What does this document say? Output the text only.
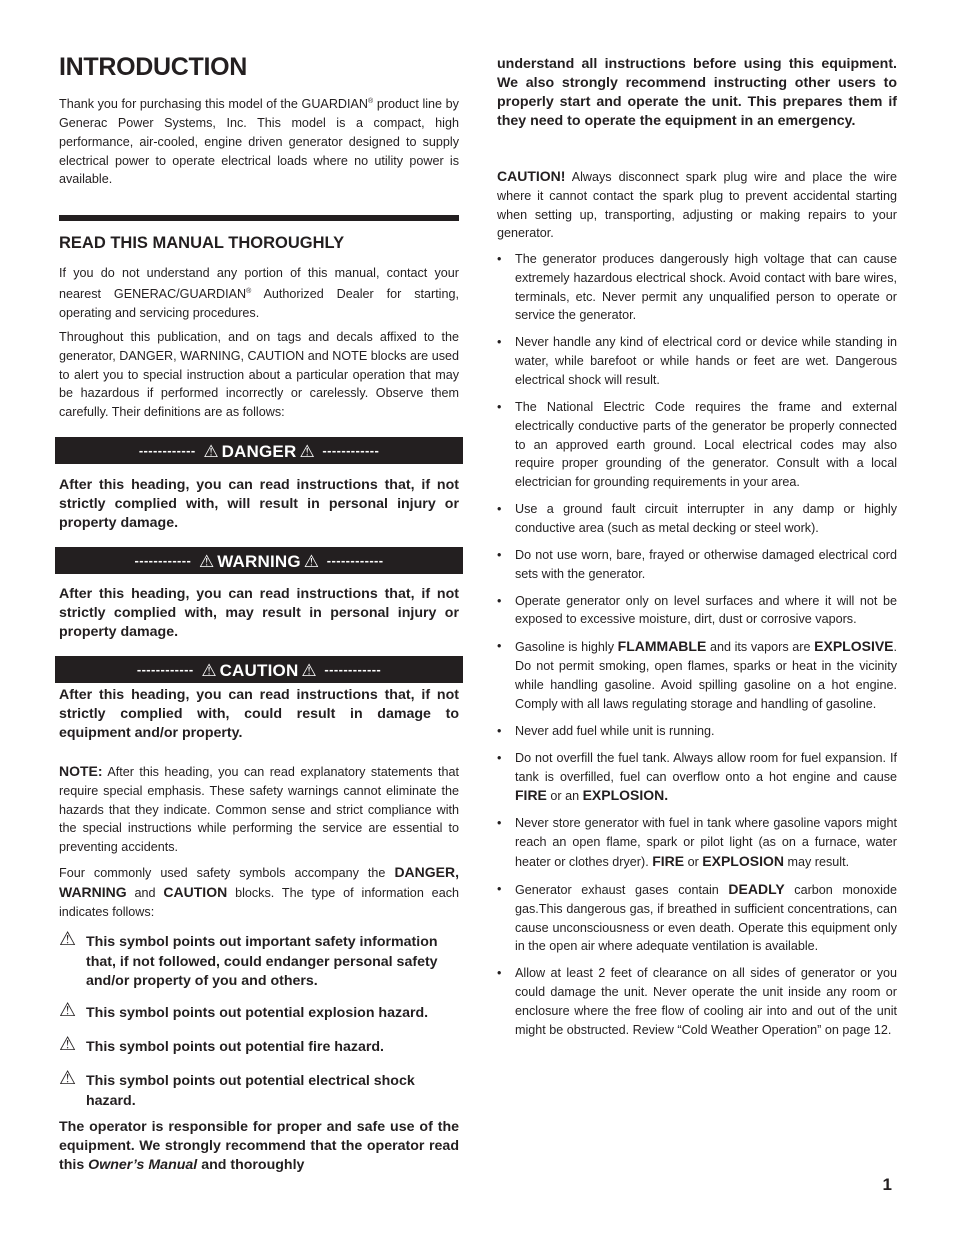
INTRODUCTION

Thank you for purchasing this model of the GUARDIAN® product line by Generac Power Systems, Inc. This model is a compact, high performance, air-cooled, engine driven generator designed to supply electrical power to operate electrical loads where no utility power is available.

READ THIS MANUAL THOROUGHLY

If you do not understand any portion of this manual, contact your nearest GENERAC/GUARDIAN® Authorized Dealer for starting, operating and servicing procedures.

Throughout this publication, and on tags and decals affixed to the generator, DANGER, WARNING, CAUTION and NOTE blocks are used to alert you to special instruction about a particular operation that may be hazardous if performed incorrectly or carelessly. Observe them carefully. Their definitions are as follows:

------------ ⚠ DANGER ⚠ ------------

After this heading, you can read instructions that, if not strictly complied with, will result in personal injury or property damage.

------------ ⚠ WARNING ⚠ ------------

After this heading, you can read instructions that, if not strictly complied with, may result in personal injury or property damage.

------------ ⚠ CAUTION ⚠ ------------

After this heading, you can read instructions that, if not strictly complied with, could result in damage to equipment and/or property.

NOTE: After this heading, you can read explanatory statements that require special emphasis. These safety warnings cannot eliminate the hazards that they indicate. Common sense and strict compliance with the special instructions while performing the service are essential to preventing accidents.

Four commonly used safety symbols accompany the DANGER, WARNING and CAUTION blocks. The type of information each indicates follows:

⚠ This symbol points out important safety information that, if not followed, could endanger personal safety and/or property of you and others.
⚠ This symbol points out potential explosion hazard.
⚠ This symbol points out potential fire hazard.
⚠ This symbol points out potential electrical shock hazard.

The operator is responsible for proper and safe use of the equipment. We strongly recommend that the operator read this Owner’s Manual and thoroughly

understand all instructions before using this equipment. We also strongly recommend instructing other users to properly start and operate the unit. This prepares them if they need to operate the equipment in an emergency.

CAUTION! Always disconnect spark plug wire and place the wire where it cannot contact the spark plug to prevent accidental starting when setting up, transporting, adjusting or making repairs to your generator.

• The generator produces dangerously high voltage that can cause extremely hazardous electrical shock. Avoid contact with bare wires, terminals, etc. Never permit any unqualified person to operate or service the generator.
• Never handle any kind of electrical cord or device while standing in water, while barefoot or while hands or feet are wet. Dangerous electrical shock will result.
• The National Electric Code requires the frame and external electrically conductive parts of the generator be properly connected to an approved earth ground. Local electrical codes may also require proper grounding of the generator. Consult with a local electrician for grounding requirements in your area.
• Use a ground fault circuit interrupter in any damp or highly conductive area (such as metal decking or steel work).
• Do not use worn, bare, frayed or otherwise damaged electrical cord sets with the generator.
• Operate generator only on level surfaces and where it will not be exposed to excessive moisture, dirt, dust or corrosive vapors.
• Gasoline is highly FLAMMABLE and its vapors are EXPLOSIVE. Do not permit smoking, open flames, sparks or heat in the vicinity while handling gasoline. Avoid spilling gasoline on a hot engine. Comply with all laws regulating storage and handling of gasoline.
• Never add fuel while unit is running.
• Do not overfill the fuel tank. Always allow room for fuel expansion. If tank is overfilled, fuel can overflow onto a hot engine and cause FIRE or an EXPLOSION.
• Never store generator with fuel in tank where gasoline vapors might reach an open flame, spark or pilot light (as on a furnace, water heater or clothes dryer). FIRE or EXPLOSION may result.
• Generator exhaust gases contain DEADLY carbon monoxide gas.This dangerous gas, if breathed in sufficient concentrations, can cause unconsciousness or even death. Operate this equipment only in the open air where adequate ventilation is available.
• Allow at least 2 feet of clearance on all sides of generator or you could damage the unit. Never operate the unit inside any room or enclosure where the free flow of cooling air into and out of the unit might be obstructed. Review “Cold Weather Operation” on page 12.
1
